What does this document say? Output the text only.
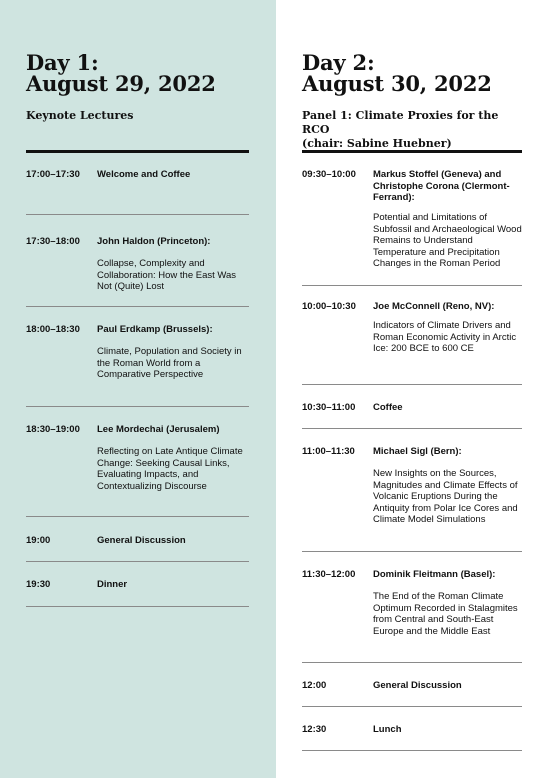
Day 1:
August 29, 2022
Keynote Lectures
17:00–17:30 Welcome and Coffee
17:30–18:00 John Haldon (Princeton):
Collapse, Complexity and Collaboration: How the East Was Not (Quite) Lost
18:00–18:30 Paul Erdkamp (Brussels):
Climate, Population and Society in the Roman World from a Comparative Perspective
18:30–19:00 Lee Mordechai (Jerusalem)
Reflecting on Late Antique Climate Change: Seeking Causal Links, Evaluating Impacts, and Contextualizing Discourse
19:00	General Discussion
19:30	Dinner
Day 2:
August 30, 2022
Panel 1: Climate Proxies for the RCO
(chair: Sabine Huebner)
09:30–10:00 Markus Stoffel (Geneva) and Christophe Corona (Clermont-Ferrand):
Potential and Limitations of Subfossil and Archaeological Wood Remains to Understand Temperature and Precipitation Changes in the Roman Period
10:00–10:30 Joe McConnell (Reno, NV):
Indicators of Climate Drivers and Roman Economic Activity in Arctic Ice: 200 BCE to 600 CE
10:30–11:00 Coffee
11:00–11:30 Michael Sigl (Bern):
New Insights on the Sources, Magnitudes and Climate Effects of Volcanic Eruptions During the Antiquity from Polar Ice Cores and Climate Model Simulations
11:30–12:00 Dominik Fleitmann (Basel):
The End of the Roman Climate Optimum Recorded in Stalagmites from Central and South-East Europe and the Middle East
12:00	General Discussion
12:30	Lunch
